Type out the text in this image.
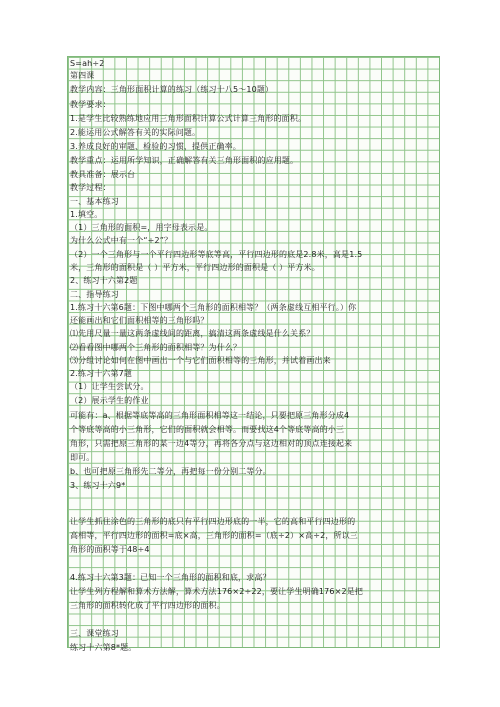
S=ah÷2
第四课
教学内容：三角形面积计算的练习（练习十八5～10题）
教学要求：
1.是学生比较熟练地应用三角形面积计算公式计算三角形的面积。
2.能运用公式解答有关的实际问题。
3.养成良好的审题、检验的习惯，提供正确率。
教学重点：运用所学知识，正确解答有关三角形面积的应用题。
教具准备：展示台
教学过程：
一、基本练习
1.填空。
（1）三角形的面积=，用字母表示是。
为什么公式中有一个“÷2”？
（2）一个三角形与一个平行四边形等底等高，平行四边形的底是2.8米，高是1.5
米，三角形的面积是（ ）平方米，平行四边形的面积是（ ）平方米。
2、练习十六第2题
二、指导练习
1.练习十六第6题：下图中哪两个三角形的面积相等？（两条虚线互相平行。）你
还能画出和它们面积相等的三角形吗？
⑴先用尺量一量这两条虚线间的距离，搞清这两条虚线是什么关系？
⑵看看图中哪两个三角形的面积相等？为什么？
⑶分组讨论如何在图中画出一个与它们面积相等的三角形，并试着画出来
2.练习十六第7题
（1）让学生尝试分。
（2）展示学生的作业
可能有：a、根据等底等高的三角形面积相等这一结论，只要把原三角形分成4
个等底等高的小三角形，它们的面积就会相等。而要找这4个等底等高的小三
角形，只需把原三角形的某一边4等分，再将各分点与这边相对的顶点连接起来
即可。
b、也可把原三角形先二等分，再把每一份分别二等分。
3、练习十六9*
让学生抓住涂色的三角形的底只有平行四边形底的一半，它的高和平行四边形的
高相等，平行四边形的面积=底×高，三角形的面积=（底÷2）×高÷2，所以三
角形的面积等于48÷4
4.练习十六第3题：已知一个三角形的面积和底，求高？
让学生列方程解和算术方法解，算术方法176×2÷22，要让学生明确176×2是把
三角形的面积转化成了平行四边形的面积。
三、课堂练习
练习十六第8*题。
